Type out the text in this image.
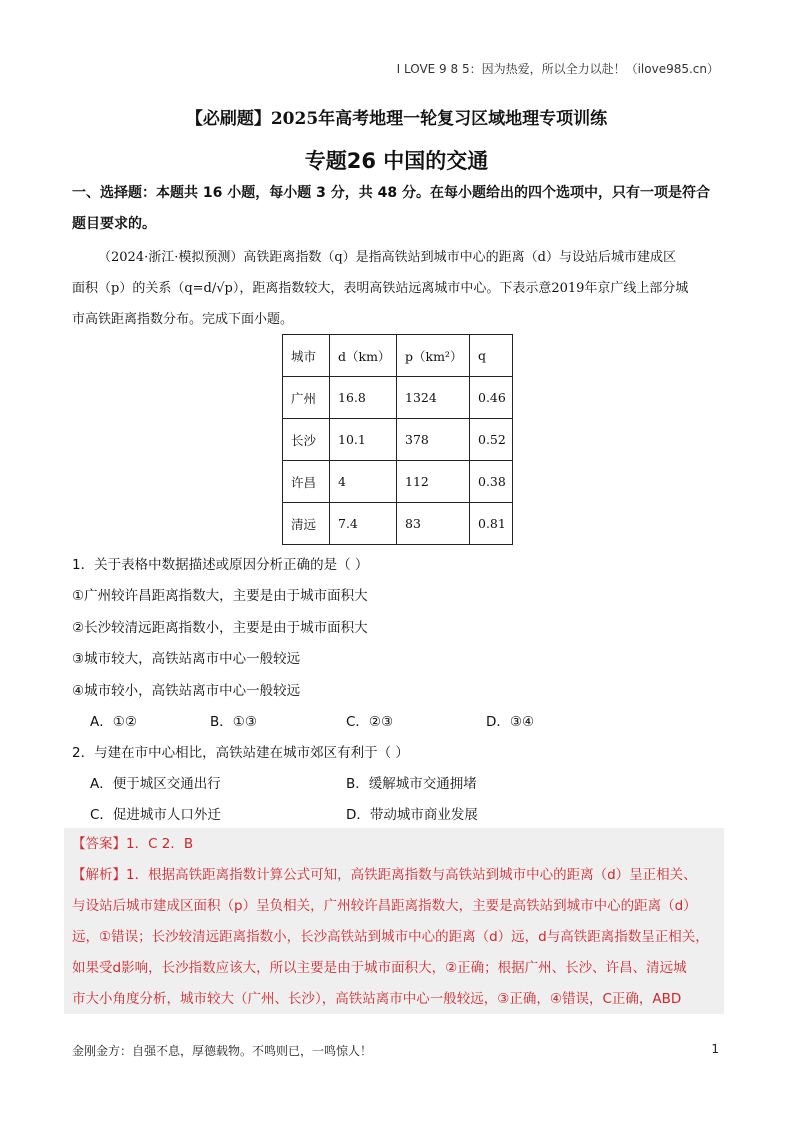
I LOVE 9 8 5：因为热爱，所以全力以赴！（ilove985.cn）
【必刷题】2025年高考地理一轮复习区域地理专项训练
专题26 中国的交通
一、选择题：本题共 16 小题，每小题 3 分，共 48 分。在每小题给出的四个选项中，只有一项是符合
题目要求的。
（2024·浙江·模拟预测）高铁距离指数（q）是指高铁站到城市中心的距离（d）与设站后城市建成区
面积（p）的关系（q=d/√p），距离指数较大，表明高铁站远离城市中心。下表示意2019年京广线上部分城
市高铁距离指数分布。完成下面小题。
城市	d（km）	p（km²）	q
广州	16.8	1324	0.46
长沙	10.1	378	0.52
许昌	4	112	0.38
清远	7.4	83	0.81
1．关于表格中数据描述或原因分析正确的是（ ）
①广州较许昌距离指数大，主要是由于城市面积大
②长沙较清远距离指数小，主要是由于城市面积大
③城市较大，高铁站离市中心一般较远
④城市较小，高铁站离市中心一般较远
A．①②	B．①③	C．②③	D．③④
2．与建在市中心相比，高铁站建在城市郊区有利于（ ）
A．便于城区交通出行	B．缓解城市交通拥堵
C．促进城市人口外迁	D．带动城市商业发展
【答案】1．C 2．B
【解析】1．根据高铁距离指数计算公式可知，高铁距离指数与高铁站到城市中心的距离（d）呈正相关、
与设站后城市建成区面积（p）呈负相关，广州较许昌距离指数大，主要是高铁站到城市中心的距离（d）
远，①错误；长沙较清远距离指数小，长沙高铁站到城市中心的距离（d）远，d与高铁距离指数呈正相关，
如果受d影响，长沙指数应该大，所以主要是由于城市面积大，②正确；根据广州、长沙、许昌、清远城
市大小角度分析，城市较大（广州、长沙），高铁站离市中心一般较远，③正确，④错误，C正确，ABD
金刚金方：自强不息，厚德载物。不鸣则已，一鸣惊人！	1
